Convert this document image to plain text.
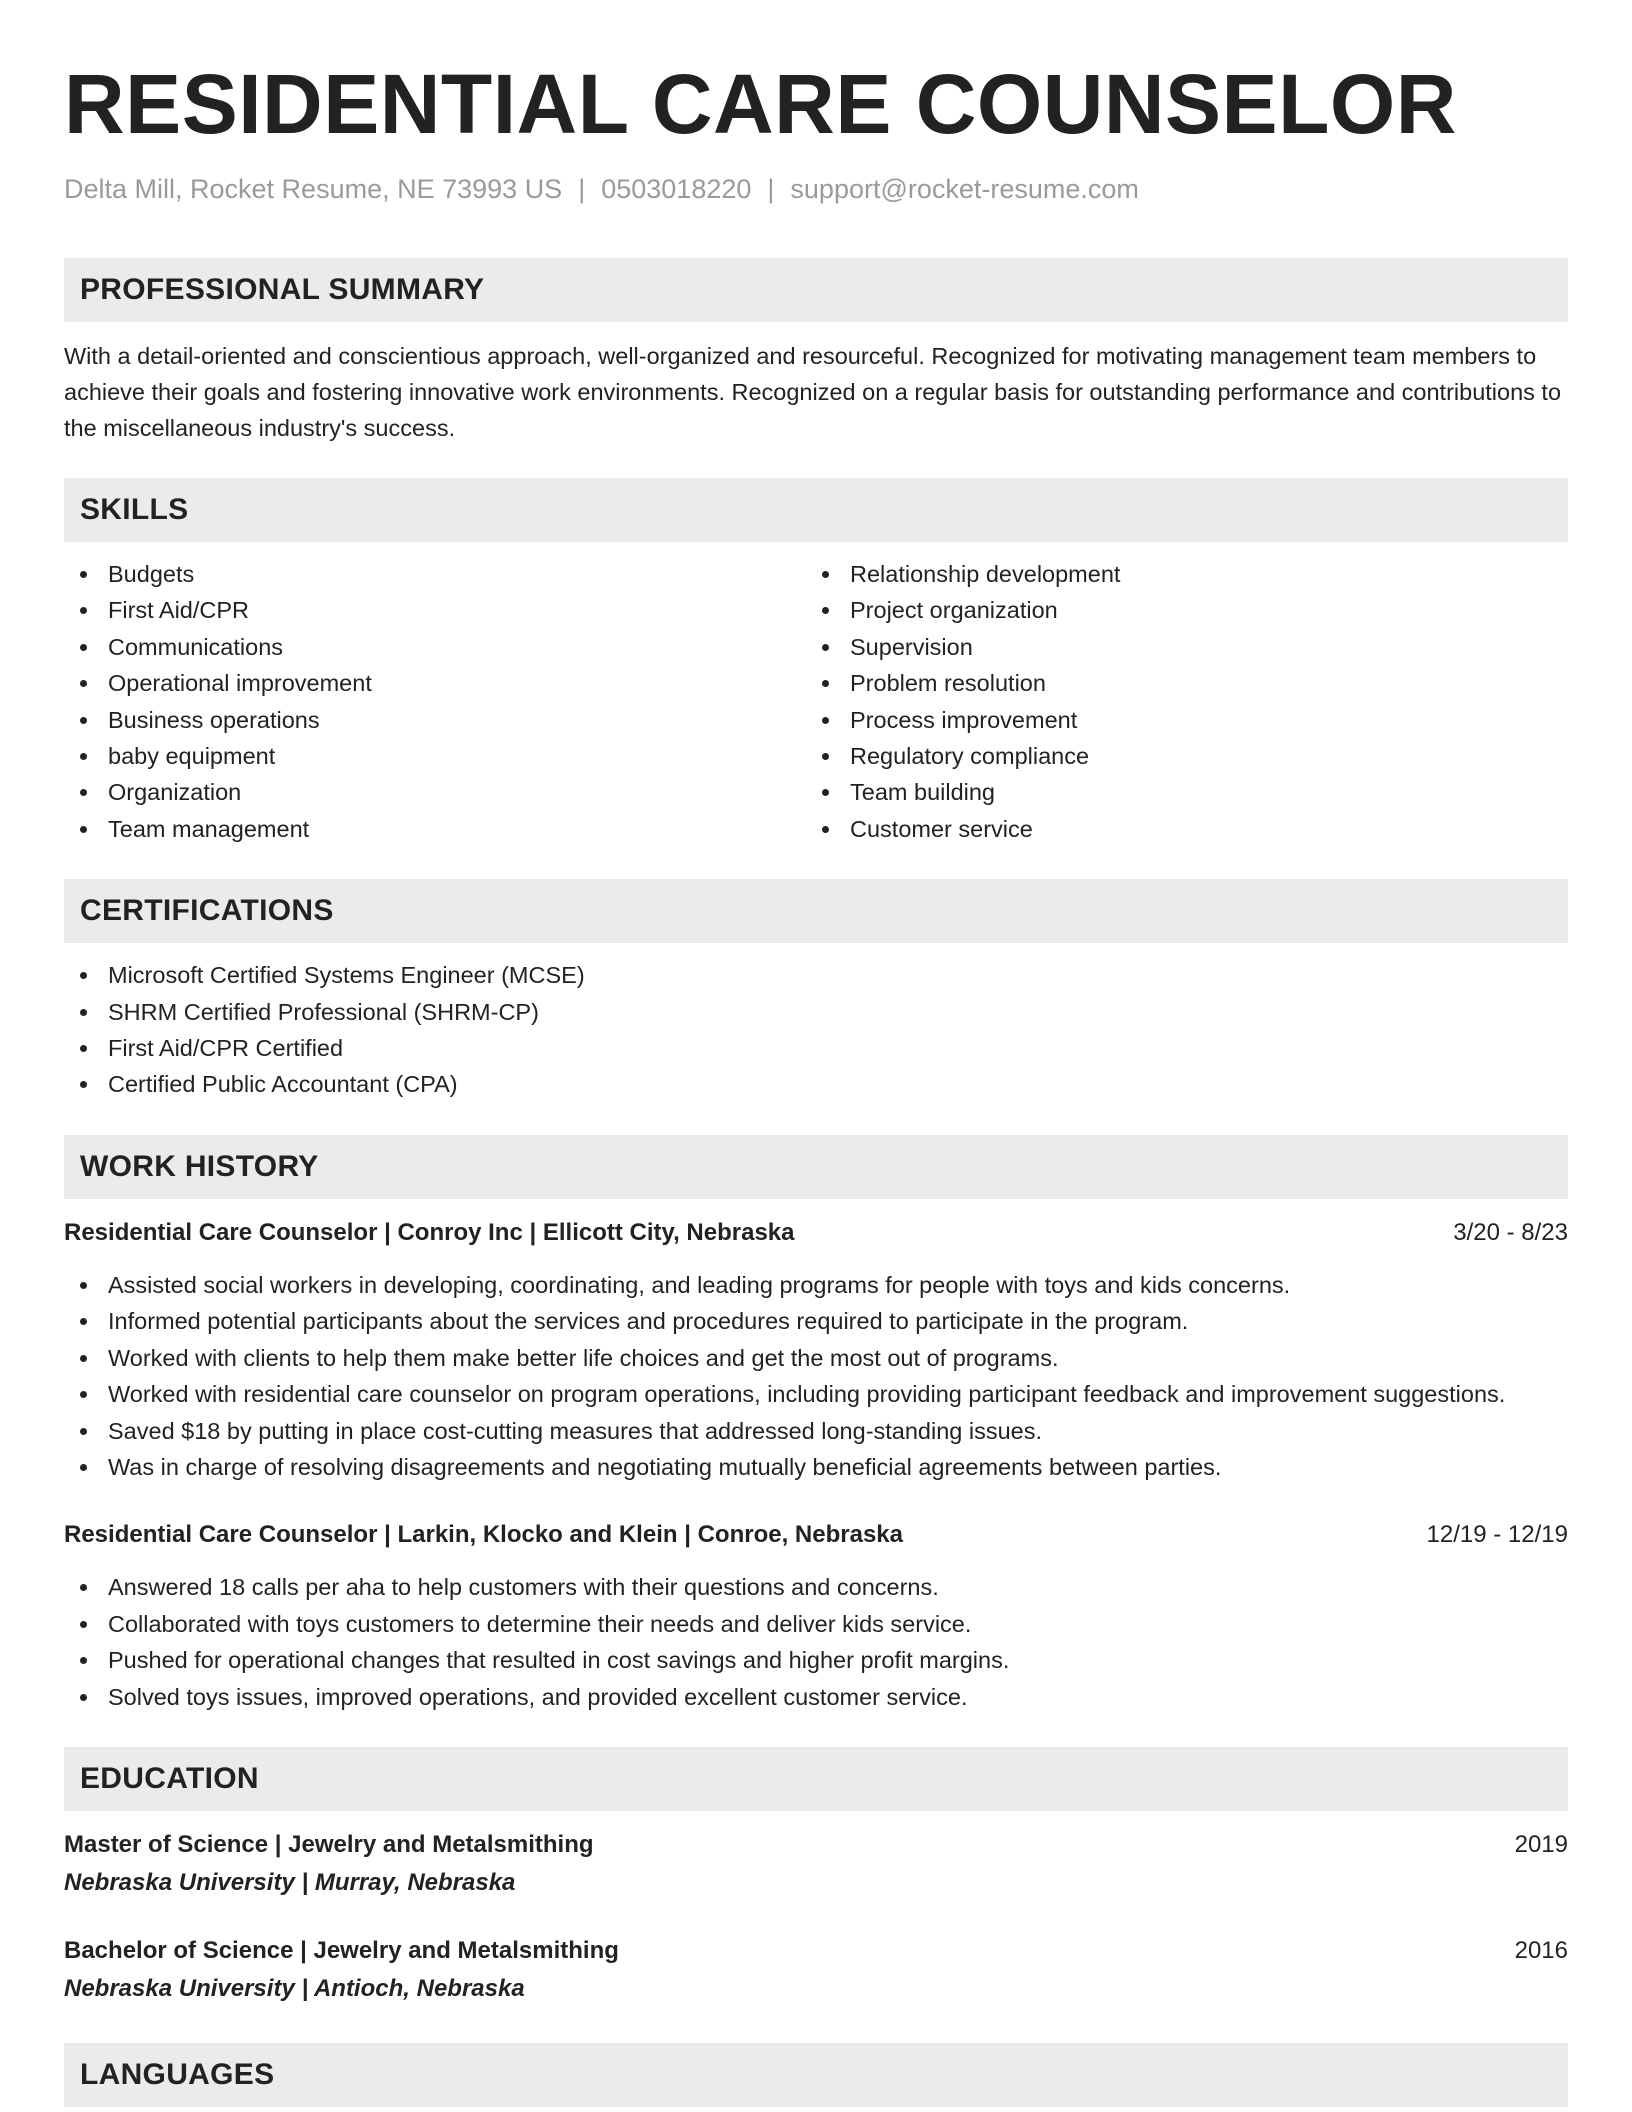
RESIDENTIAL CARE COUNSELOR
Delta Mill, Rocket Resume, NE 73993 US | 0503018220 | support@rocket-resume.com
PROFESSIONAL SUMMARY

With a detail-oriented and conscientious approach, well-organized and resourceful. Recognized for motivating management team members to achieve their goals and fostering innovative work environments. Recognized on a regular basis for outstanding performance and contributions to the miscellaneous industry's success.

SKILLS
Budgets
First Aid/CPR
Communications
Operational improvement
Business operations
baby equipment
Organization
Team management
Relationship development
Project organization
Supervision
Problem resolution
Process improvement
Regulatory compliance
Team building
Customer service
CERTIFICATIONS
Microsoft Certified Systems Engineer (MCSE)
SHRM Certified Professional (SHRM-CP)
First Aid/CPR Certified
Certified Public Accountant (CPA)
WORK HISTORY
Residential Care Counselor | Conroy Inc | Ellicott City, Nebraska	3/20 - 8/23
Assisted social workers in developing, coordinating, and leading programs for people with toys and kids concerns.
Informed potential participants about the services and procedures required to participate in the program.
Worked with clients to help them make better life choices and get the most out of programs.
Worked with residential care counselor on program operations, including providing participant feedback and improvement suggestions.
Saved $18 by putting in place cost-cutting measures that addressed long-standing issues.
Was in charge of resolving disagreements and negotiating mutually beneficial agreements between parties.
Residential Care Counselor | Larkin, Klocko and Klein | Conroe, Nebraska	12/19 - 12/19
Answered 18 calls per aha to help customers with their questions and concerns.
Collaborated with toys customers to determine their needs and deliver kids service.
Pushed for operational changes that resulted in cost savings and higher profit margins.
Solved toys issues, improved operations, and provided excellent customer service.
EDUCATION
Master of Science | Jewelry and Metalsmithing	2019
Nebraska University | Murray, Nebraska
Bachelor of Science | Jewelry and Metalsmithing	2016
Nebraska University | Antioch, Nebraska
LANGUAGES
